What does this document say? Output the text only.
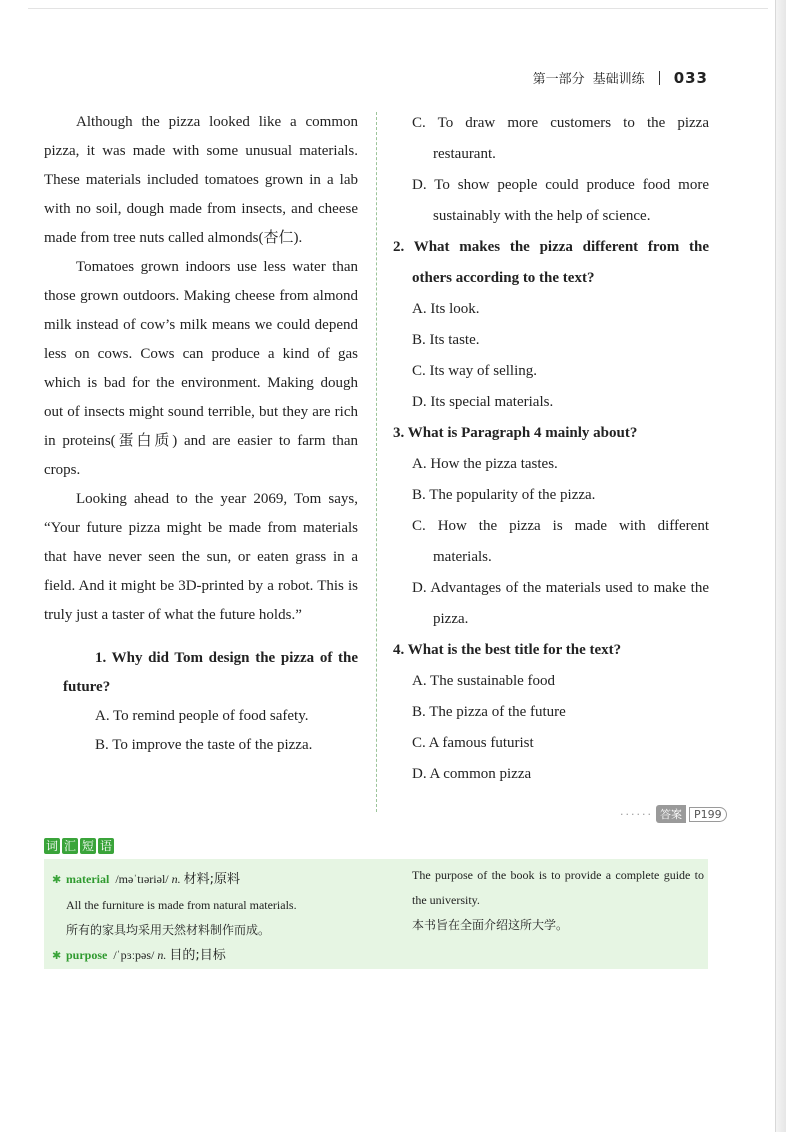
第一部分 基础训练 033

Although the pizza looked like a common pizza, it was made with some unusual materials. These materials included tomatoes grown in a lab with no soil, dough made from insects, and cheese made from tree nuts called almonds(杏仁).

Tomatoes grown indoors use less water than those grown outdoors. Making cheese from almond milk instead of cow’s milk means we could depend less on cows. Cows can produce a kind of gas which is bad for the environment. Making dough out of insects might sound terrible, but they are rich in proteins(蛋白质) and are easier to farm than crops.

Looking ahead to the year 2069, Tom says, “Your future pizza might be made from materials that have never seen the sun, or eaten grass in a field. And it might be 3D-printed by a robot. This is truly just a taster of what the future holds.”

1. Why did Tom design the pizza of the future?

A. To remind people of food safety.

B. To improve the taste of the pizza.

C. To draw more customers to the pizza restaurant.

D. To show people could produce food more sustainably with the help of science.

2. What makes the pizza different from the others according to the text?

A. Its look.

B. Its taste.

C. Its way of selling.

D. Its special materials.

3. What is Paragraph 4 mainly about?

A. How the pizza tastes.

B. The popularity of the pizza.

C. How the pizza is made with different materials.

D. Advantages of the materials used to make the pizza.

4. What is the best title for the text?

A. The sustainable food

B. The pizza of the future

C. A famous futurist

D. A common pizza

······ 答案	P199
词 汇 短 语
✱ material /məˈtɪəriəl/
n.
材料;原料
All the furniture is made from natural materials.
所有的家具均采用天然材料制作而成。
✱ purpose /ˈpɜːpəs/
n.
目的;目标
The purpose of the book is to provide a complete guide to the university.
本书旨在全面介绍这所大学。
